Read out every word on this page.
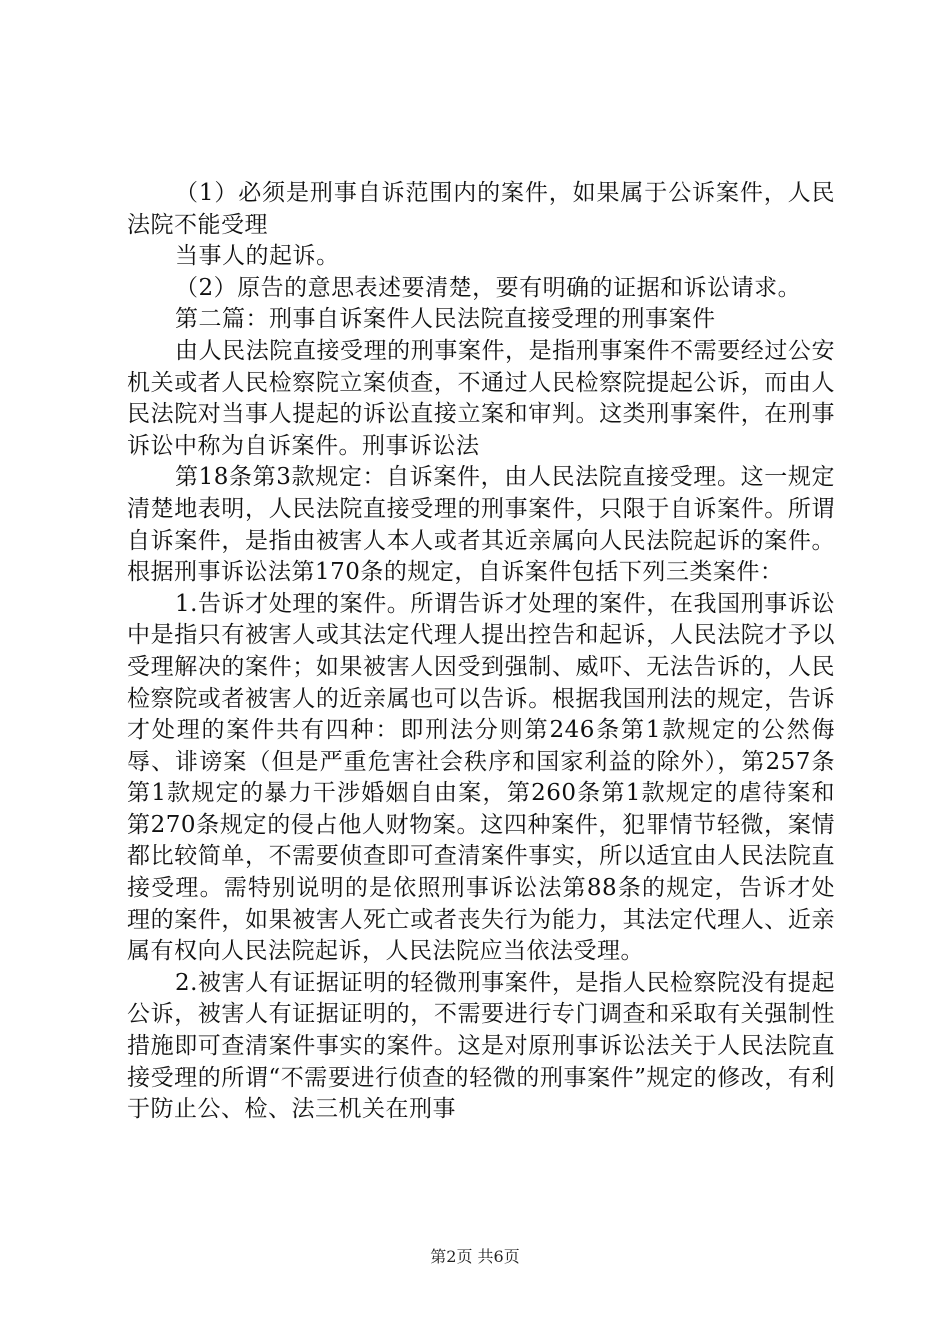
（1）必须是刑事自诉范围内的案件，如果属于公诉案件，人民法院不能受理

当事人的起诉。

（2）原告的意思表述要清楚，要有明确的证据和诉讼请求。

第二篇：刑事自诉案件人民法院直接受理的刑事案件

由人民法院直接受理的刑事案件，是指刑事案件不需要经过公安机关或者人民检察院立案侦查，不通过人民检察院提起公诉，而由人民法院对当事人提起的诉讼直接立案和审判。这类刑事案件，在刑事诉讼中称为自诉案件。刑事诉讼法

第18条第3款规定：自诉案件，由人民法院直接受理。这一规定清楚地表明，人民法院直接受理的刑事案件，只限于自诉案件。所谓自诉案件，是指由被害人本人或者其近亲属向人民法院起诉的案件。根据刑事诉讼法第170条的规定，自诉案件包括下列三类案件：

1.告诉才处理的案件。所谓告诉才处理的案件，在我国刑事诉讼中是指只有被害人或其法定代理人提出控告和起诉，人民法院才予以受理解决的案件；如果被害人因受到强制、威吓、无法告诉的，人民检察院或者被害人的近亲属也可以告诉。根据我国刑法的规定，告诉才处理的案件共有四种：即刑法分则第246条第1款规定的公然侮辱、诽谤案（但是严重危害社会秩序和国家利益的除外），第257条第1款规定的暴力干涉婚姻自由案，第260条第1款规定的虐待案和第270条规定的侵占他人财物案。这四种案件，犯罪情节轻微，案情都比较简单，不需要侦查即可查清案件事实，所以适宜由人民法院直接受理。需特别说明的是依照刑事诉讼法第88条的规定，告诉才处理的案件，如果被害人死亡或者丧失行为能力，其法定代理人、近亲属有权向人民法院起诉，人民法院应当依法受理。

2.被害人有证据证明的轻微刑事案件，是指人民检察院没有提起公诉，被害人有证据证明的，不需要进行专门调查和采取有关强制性措施即可查清案件事实的案件。这是对原刑事诉讼法关于人民法院直接受理的所谓“不需要进行侦查的轻微的刑事案件”规定的修改，有利于防止公、检、法三机关在刑事

第2页 共6页
